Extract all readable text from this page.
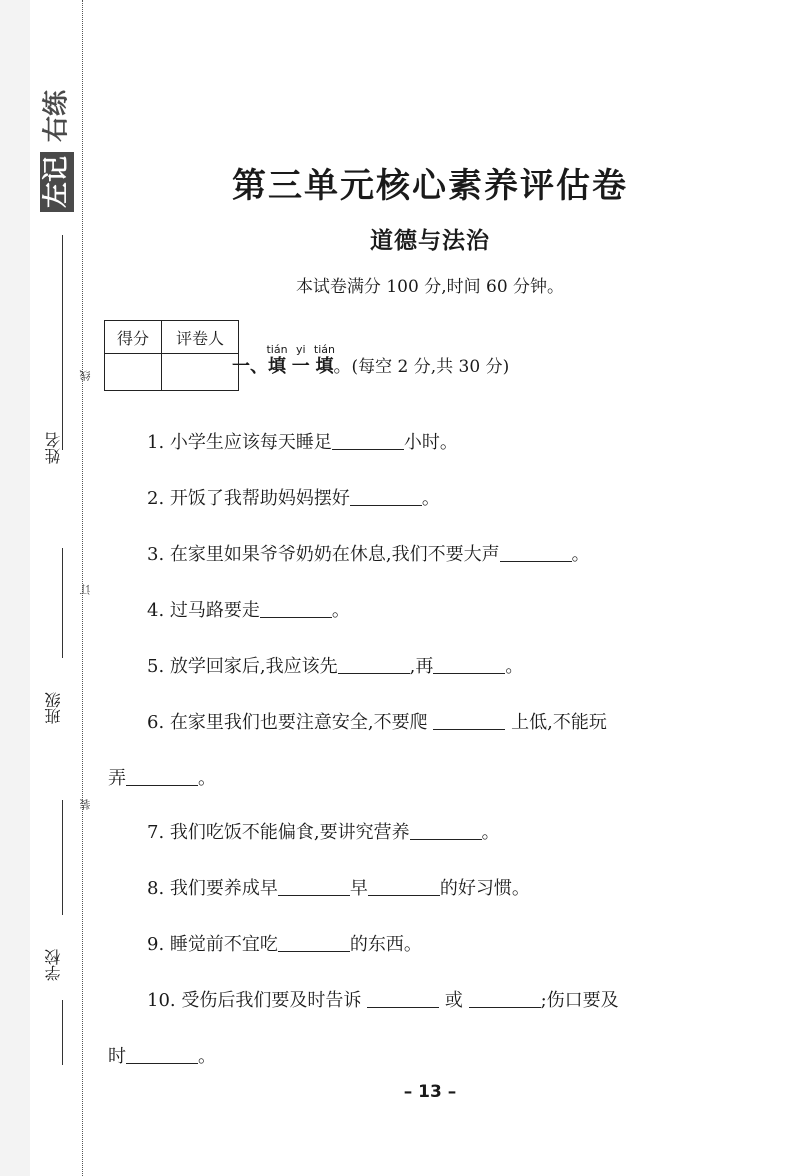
左记
右练
姓名
班级
学校
线
订
装
第三单元核心素养评估卷
道德与法治
本试卷满分 100 分,时间 60 分钟。
得分	评卷人

一、填tián 一yi 填tián。(每空 2 分,共 30 分)
1. 小学生应该每天睡足	小时。
2. 开饭了我帮助妈妈摆好	。
3. 在家里如果爷爷奶奶在休息,我们不要大声	。
4. 过马路要走	。
5. 放学回家后,我应该先	,再	。
6. 在家里我们也要注意安全,不要爬	上低,不能玩
弄	。
7. 我们吃饭不能偏食,要讲究营养	。
8. 我们要养成早	早	的好习惯。
9. 睡觉前不宜吃	的东西。
10. 受伤后我们要及时告诉	或	;伤口要及
时	。
– 13 –
